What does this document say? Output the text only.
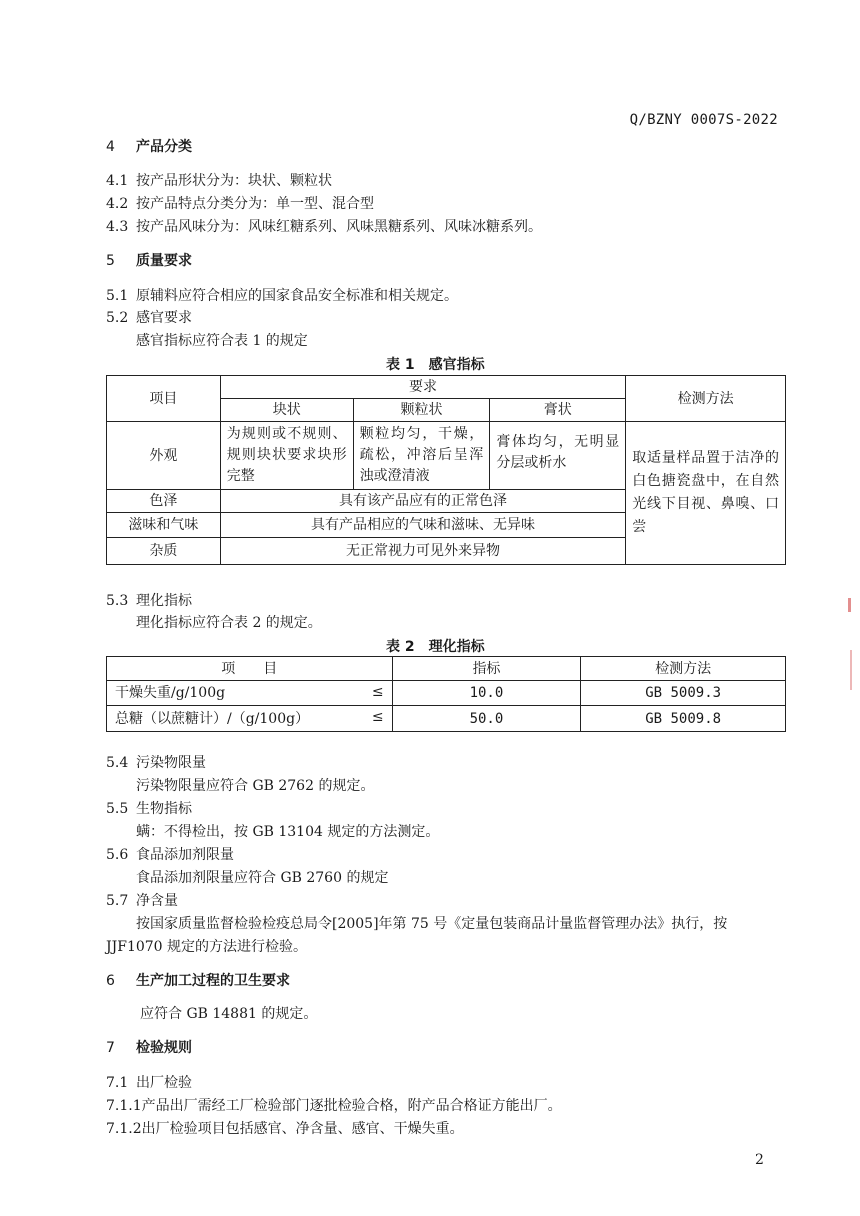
Q/BZNY 0007S-2022
4 产品分类
4.1 按产品形状分为：块状、颗粒状
4.2 按产品特点分类分为：单一型、混合型
4.3 按产品风味分为：风味红糖系列、风味黑糖系列、风味冰糖系列。
5 质量要求
5.1 原辅料应符合相应的国家食品安全标准和相关规定。
5.2 感官要求
感官指标应符合表 1 的规定
表 1　感官指标
项目	要求			检测方法
	块状	颗粒状	膏状	
外观	为规则或不规则、规则块状要求块形完整	颗粒均匀，干燥，疏松，冲溶后呈浑浊或澄清液	膏体均匀，无明显分层或析水	取适量样品置于洁净的白色搪瓷盘中，在自然光线下目视、鼻嗅、口尝
色泽	具有该产品应有的正常色泽			
滋味和气味	具有产品相应的气味和滋味、无异味			
杂质	无正常视力可见外来异物			
5.3 理化指标
理化指标应符合表 2 的规定。
表 2　理化指标
项　　目	指标	检测方法
干燥失重/g/100g ≤	10.0	GB 5009.3
总糖（以蔗糖计）/（g/100g） ≤	50.0	GB 5009.8
5.4 污染物限量
污染物限量应符合 GB 2762 的规定。
5.5 生物指标
螨：不得检出，按 GB 13104 规定的方法测定。
5.6 食品添加剂限量
食品添加剂限量应符合 GB 2760 的规定
5.7 净含量
按国家质量监督检验检疫总局令[2005]年第 75 号《定量包装商品计量监督管理办法》执行，按
JJF1070 规定的方法进行检验。
6 生产加工过程的卫生要求
应符合 GB 14881 的规定。
7 检验规则
7.1 出厂检验
7.1.1产品出厂需经工厂检验部门逐批检验合格，附产品合格证方能出厂。
7.1.2出厂检验项目包括感官、净含量、感官、干燥失重。
2
